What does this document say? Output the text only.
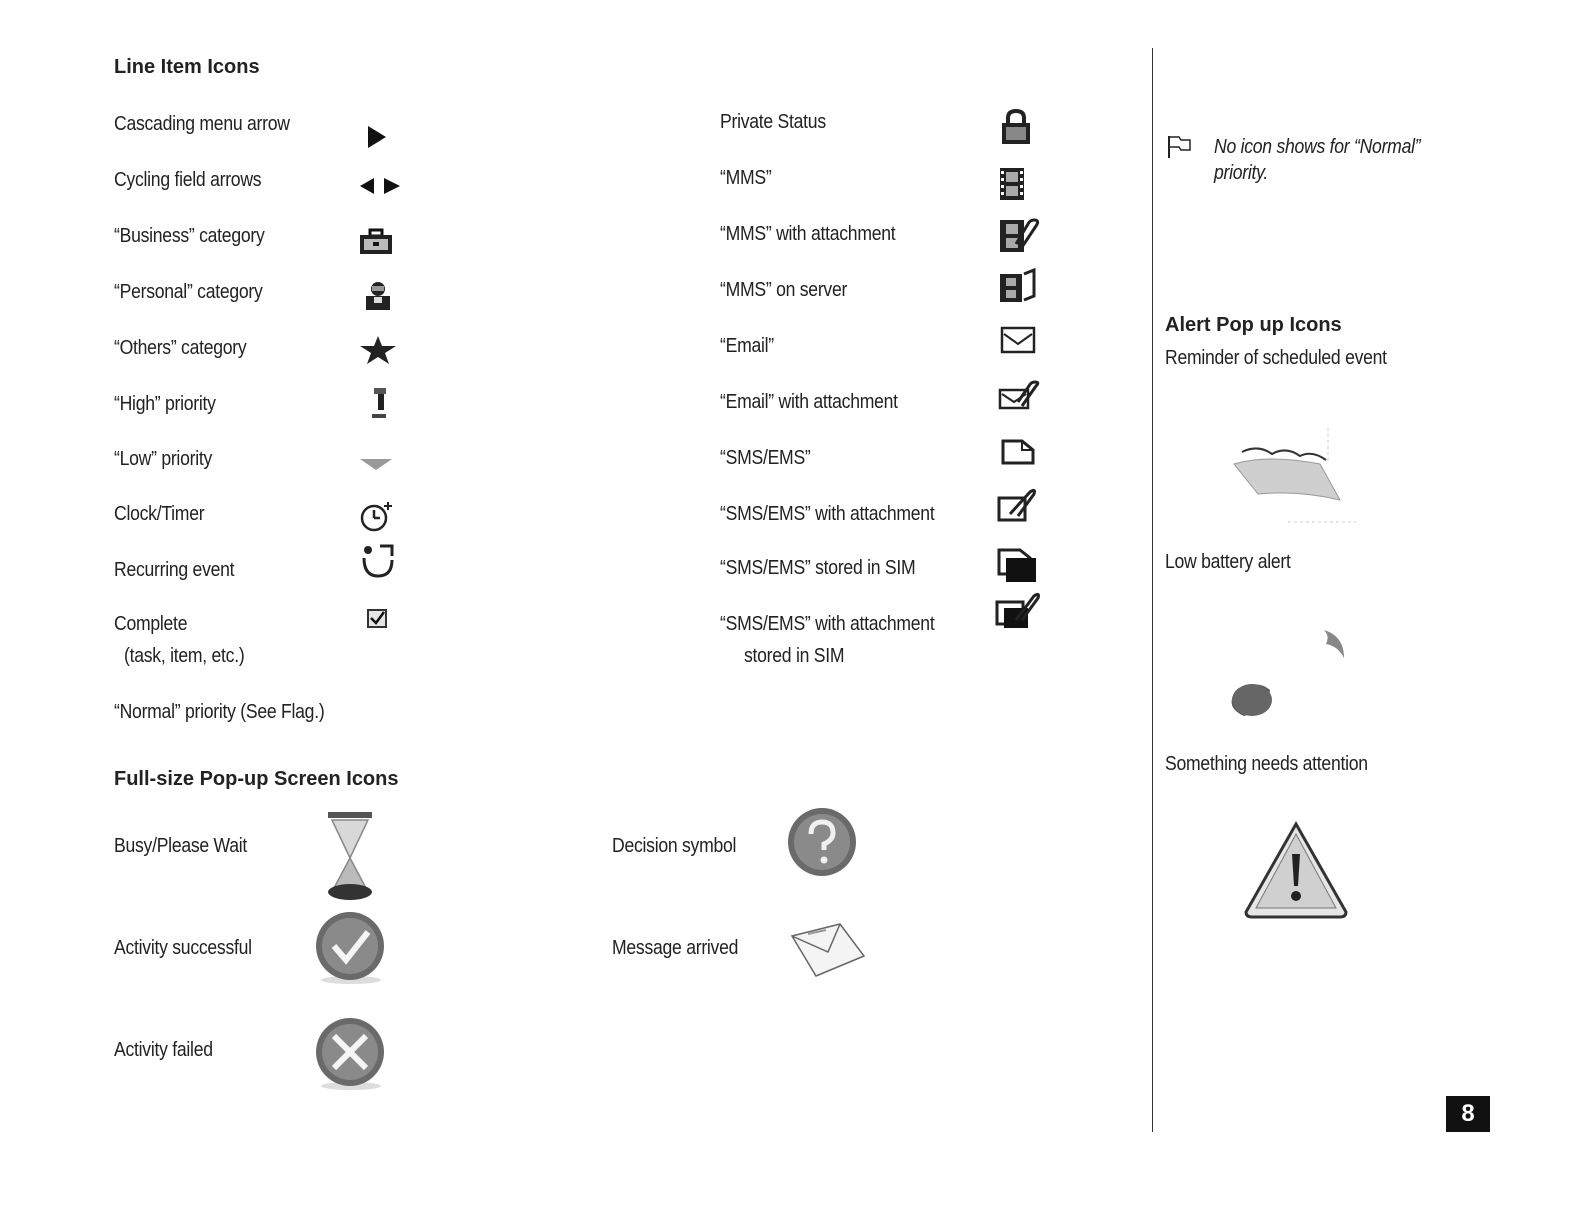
Line Item Icons
Cascading menu arrow
Cycling field arrows
“Business” category
“Personal” category
“Others” category
“High” priority
“Low” priority
Clock/Timer
Recurring event
Complete
(task, item, etc.)
“Normal” priority (See Flag.)
Private Status
“MMS”
“MMS” with attachment
“MMS” on server
“Email”
“Email” with attachment
“SMS/EMS”
“SMS/EMS” with attachment
“SMS/EMS” stored in SIM
“SMS/EMS” with attachment
stored in SIM
Full-size Pop-up Screen Icons
Busy/Please Wait
Activity successful
Activity failed
Decision symbol
Message arrived
No icon shows for “Normal” priority.
Alert Pop up Icons
Reminder of scheduled event
Low battery alert
Something needs attention
8
